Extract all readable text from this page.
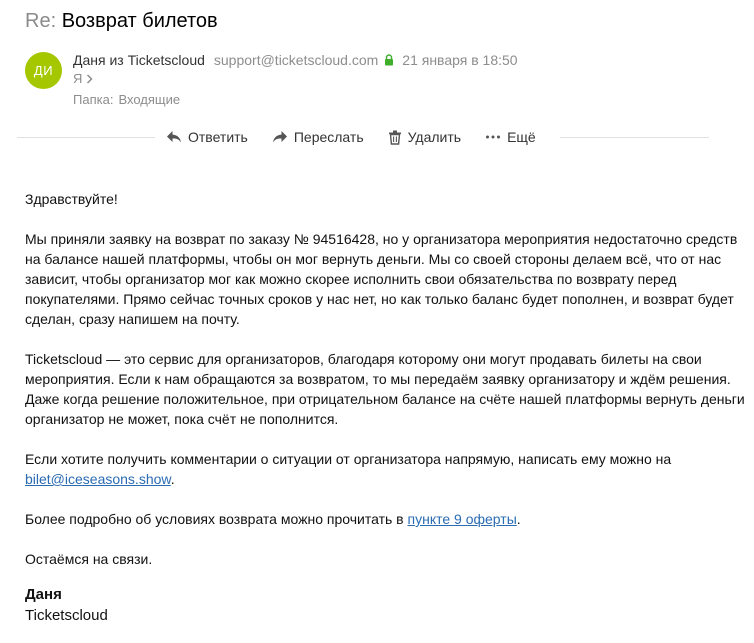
Re: Возврат билетов
ДИ
Даня из Ticketscloud support@ticketscloud.com 21 января в 18:50
Я
Папка: Входящие
Ответить	Переслать	Удалить	Ещё

Здравствуйте!

Мы приняли заявку на возврат по заказу № 94516428, но у организатора мероприятия недостаточно средств на балансе нашей платформы, чтобы он мог вернуть деньги. Мы со своей стороны делаем всё, что от нас зависит, чтобы организатор мог как можно скорее исполнить свои обязательства по возврату перед покупателями. Прямо сейчас точных сроков у нас нет, но как только баланс будет пополнен, и возврат будет сделан, сразу напишем на почту.

Ticketscloud — это сервис для организаторов, благодаря которому они могут продавать билеты на свои мероприятия. Если к нам обращаются за возвратом, то мы передаём заявку организатору и ждём решения. Даже когда решение положительное, при отрицательном балансе на счёте нашей платформы вернуть деньги организатор не может, пока счёт не пополнится.

Если хотите получить комментарии о ситуации от организатора напрямую, написать ему можно на
bilet@iceseasons.show.

Более подробно об условиях возврата можно прочитать в пункте 9 оферты.

Остаёмся на связи.

Даня
Ticketscloud
